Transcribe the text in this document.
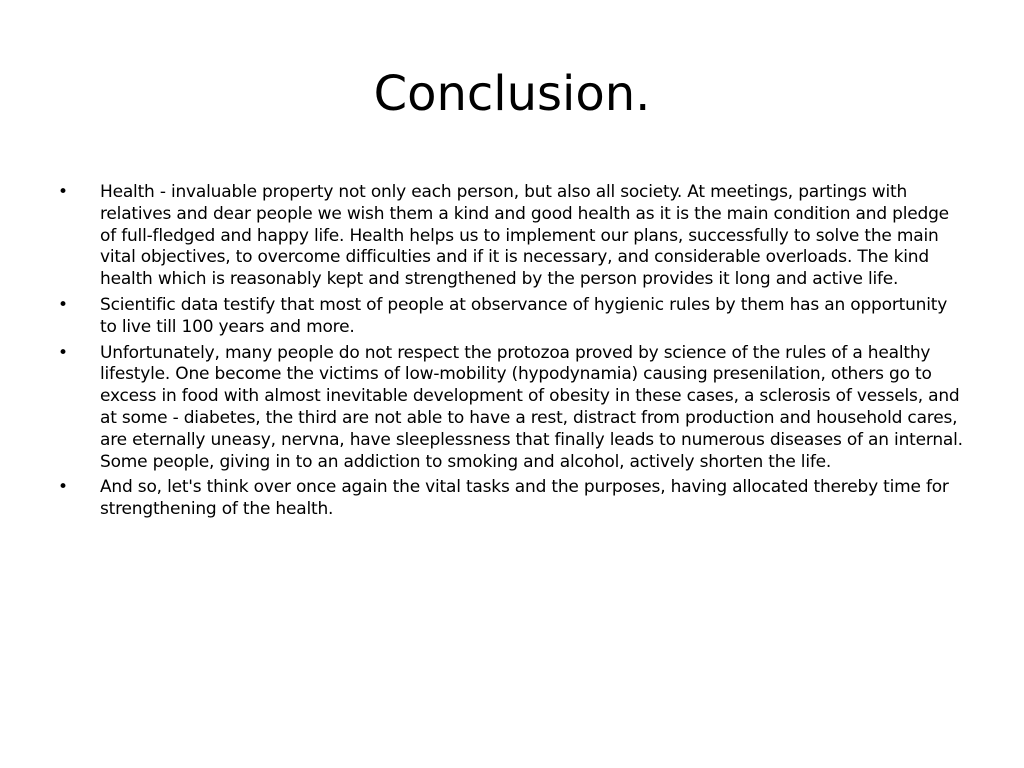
Conclusion.
• Health - invaluable property not only each person, but also all society. At meetings, partings with relatives and dear people we wish them a kind and good health as it is the main condition and pledge of full-fledged and happy life. Health helps us to implement our plans, successfully to solve the main vital objectives, to overcome difficulties and if it is necessary, and considerable overloads. The kind health which is reasonably kept and strengthened by the person provides it long and active life.
• Scientific data testify that most of people at observance of hygienic rules by them has an opportunity to live till 100 years and more.
• Unfortunately, many people do not respect the protozoa proved by science of the rules of a healthy lifestyle. One become the victims of low-mobility (hypodynamia) causing presenilation, others go to excess in food with almost inevitable development of obesity in these cases, a sclerosis of vessels, and at some - diabetes, the third are not able to have a rest, distract from production and household cares, are eternally uneasy, nervna, have sleeplessness that finally leads to numerous diseases of an internal. Some people, giving in to an addiction to smoking and alcohol, actively shorten the life.
• And so, let's think over once again the vital tasks and the purposes, having allocated thereby time for strengthening of the health.
